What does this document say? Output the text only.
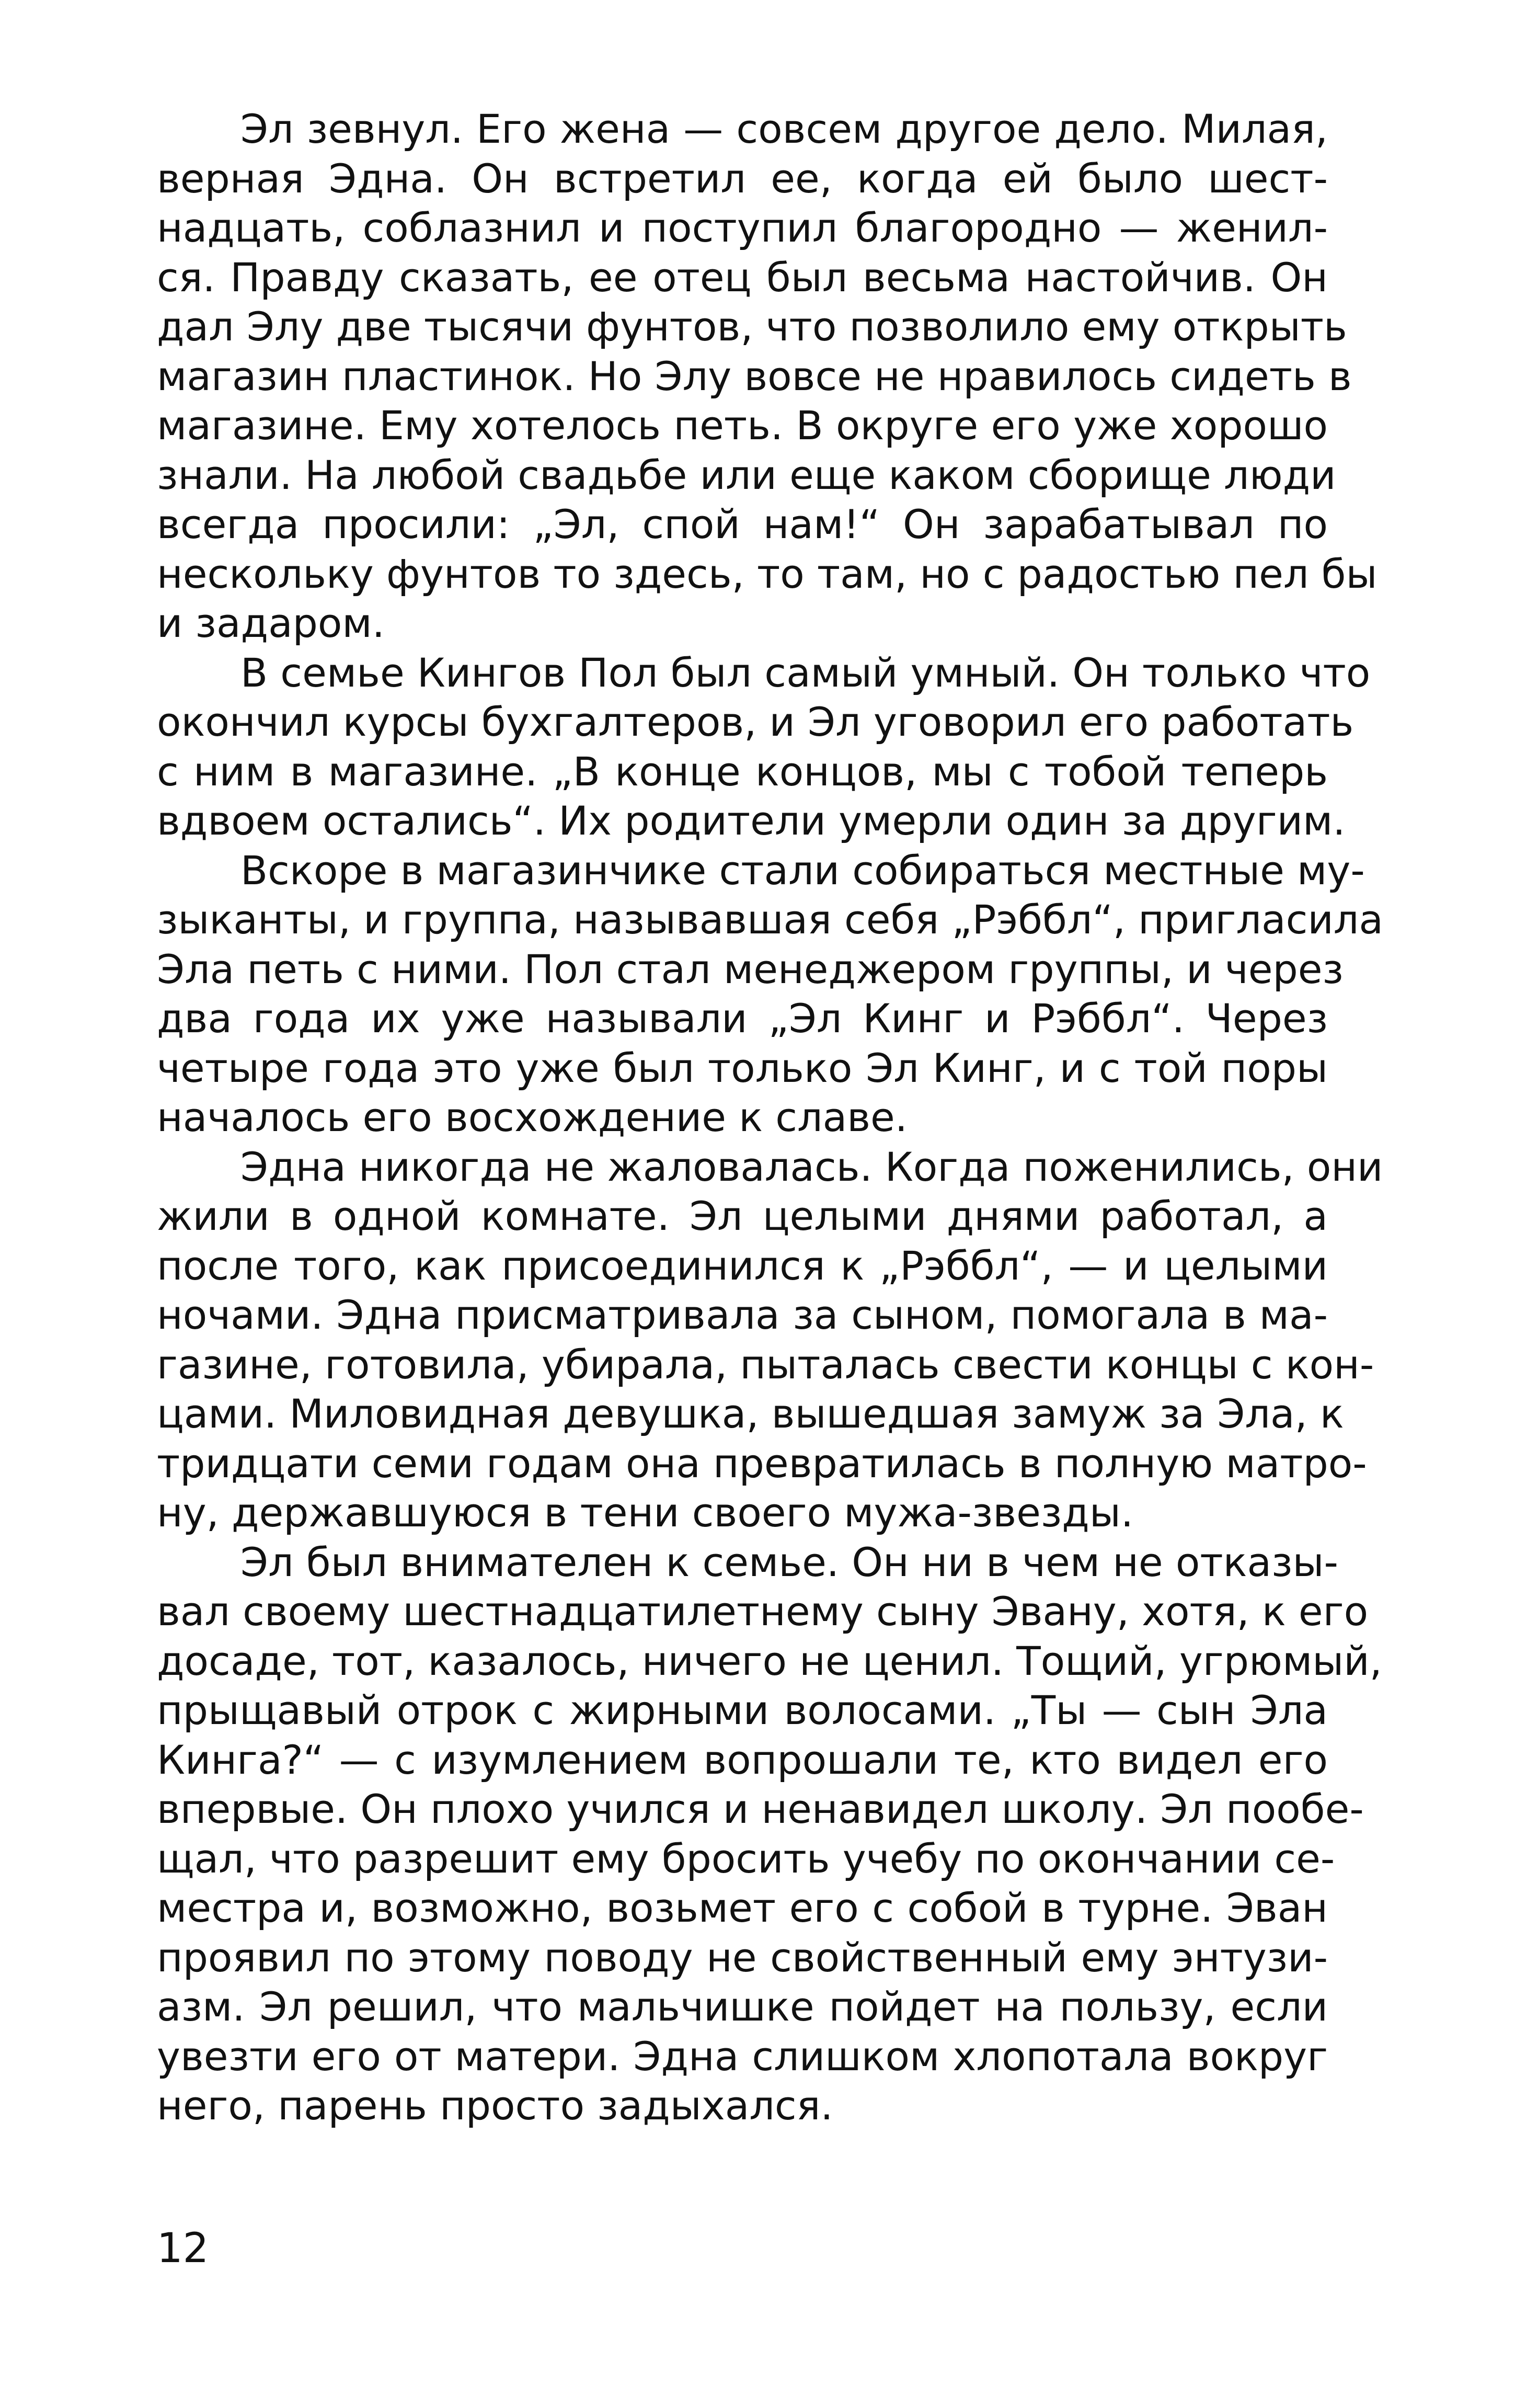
Эл зевнул. Его жена — совсем другое дело. Милая,
верная Эдна. Он встретил ее, когда ей было шест-
надцать, соблазнил и поступил благородно — женил-
ся. Правду сказать, ее отец был весьма настойчив. Он
дал Элу две тысячи фунтов, что позволило ему открыть
магазин пластинок. Но Элу вовсе не нравилось сидеть в
магазине. Ему хотелось петь. В округе его уже хорошо
знали. На любой свадьбе или еще каком сборище люди
всегда просили: „Эл, спой нам!“ Он зарабатывал по
нескольку фунтов то здесь, то там, но с радостью пел бы
и задаром.
В семье Кингов Пол был самый умный. Он только что
окончил курсы бухгалтеров, и Эл уговорил его работать
с ним в магазине. „В конце концов, мы с тобой теперь
вдвоем остались“. Их родители умерли один за другим.
Вскоре в магазинчике стали собираться местные му-
зыканты, и группа, называвшая себя „Рэббл“, пригласила
Эла петь с ними. Пол стал менеджером группы, и через
два года их уже называли „Эл Кинг и Рэббл“. Через
четыре года это уже был только Эл Кинг, и с той поры
началось его восхождение к славе.
Эдна никогда не жаловалась. Когда поженились, они
жили в одной комнате. Эл целыми днями работал, а
после того, как присоединился к „Рэббл“, — и целыми
ночами. Эдна присматривала за сыном, помогала в ма-
газине, готовила, убирала, пыталась свести концы с кон-
цами. Миловидная девушка, вышедшая замуж за Эла, к
тридцати семи годам она превратилась в полную матро-
ну, державшуюся в тени своего мужа-звезды.
Эл был внимателен к семье. Он ни в чем не отказы-
вал своему шестнадцатилетнему сыну Эвану, хотя, к его
досаде, тот, казалось, ничего не ценил. Тощий, угрюмый,
прыщавый отрок с жирными волосами. „Ты — сын Эла
Кинга?“ — с изумлением вопрошали те, кто видел его
впервые. Он плохо учился и ненавидел школу. Эл пообе-
щал, что разрешит ему бросить учебу по окончании се-
местра и, возможно, возьмет его с собой в турне. Эван
проявил по этому поводу не свойственный ему энтузи-
азм. Эл решил, что мальчишке пойдет на пользу, если
увезти его от матери. Эдна слишком хлопотала вокруг
него, парень просто задыхался.
12
